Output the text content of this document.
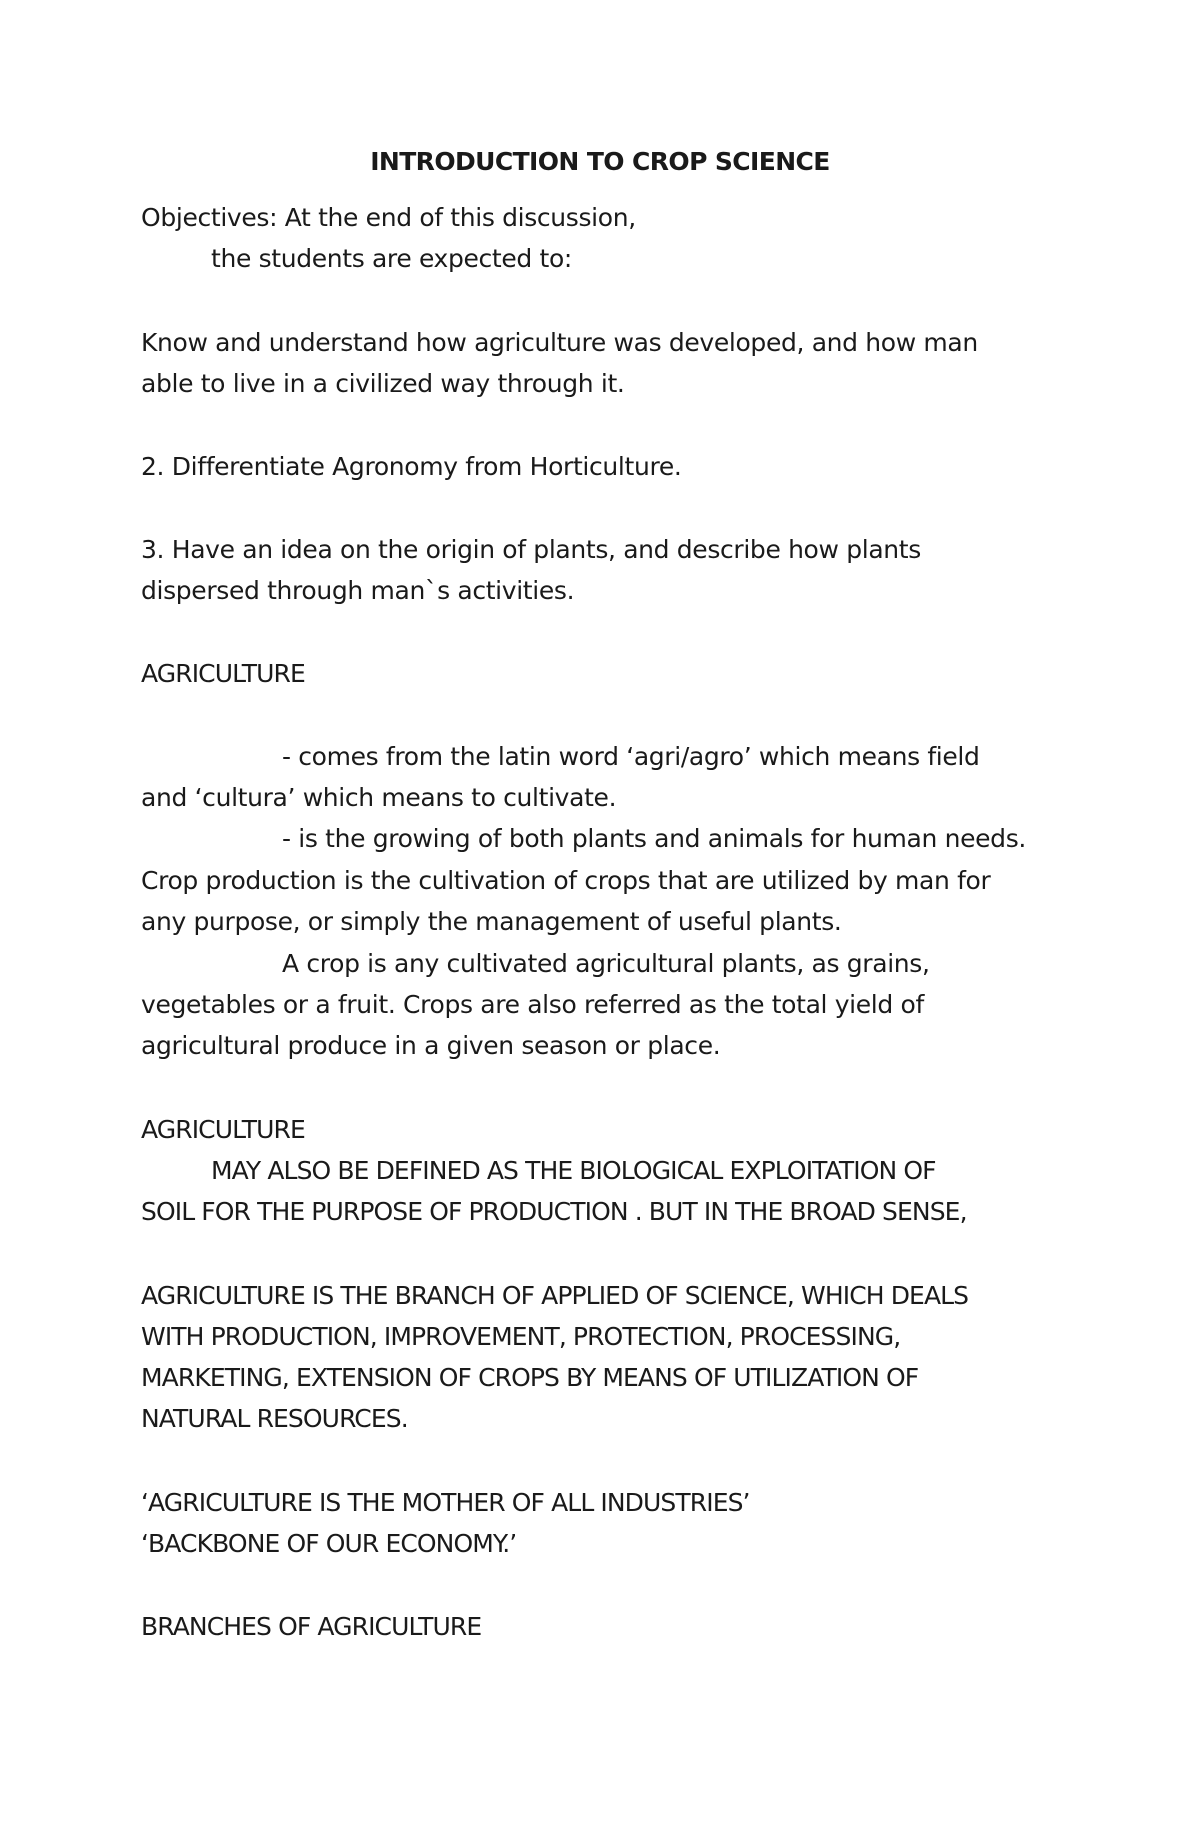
INTRODUCTION TO CROP SCIENCE

Objectives: At the end of this discussion,

the students are expected to:

Know and understand how agriculture was developed, and how man

able to live in a civilized way through it.

2. Differentiate Agronomy from Horticulture.

3. Have an idea on the origin of plants, and describe how plants

dispersed through man`s activities.

AGRICULTURE

- comes from the latin word ‘agri/agro’ which means field

and ‘cultura’ which means to cultivate.

- is the growing of both plants and animals for human needs.

Crop production is the cultivation of crops that are utilized by man for

any purpose, or simply the management of useful plants.

A crop is any cultivated agricultural plants, as grains,

vegetables or a fruit. Crops are also referred as the total yield of

agricultural produce in a given season or place.

AGRICULTURE

MAY ALSO BE DEFINED AS THE BIOLOGICAL EXPLOITATION OF

SOIL FOR THE PURPOSE OF PRODUCTION . BUT IN THE BROAD SENSE,

AGRICULTURE IS THE BRANCH OF APPLIED OF SCIENCE, WHICH DEALS

WITH PRODUCTION, IMPROVEMENT, PROTECTION, PROCESSING,

MARKETING, EXTENSION OF CROPS BY MEANS OF UTILIZATION OF

NATURAL RESOURCES.

‘AGRICULTURE IS THE MOTHER OF ALL INDUSTRIES’

‘BACKBONE OF OUR ECONOMY.’

BRANCHES OF AGRICULTURE
